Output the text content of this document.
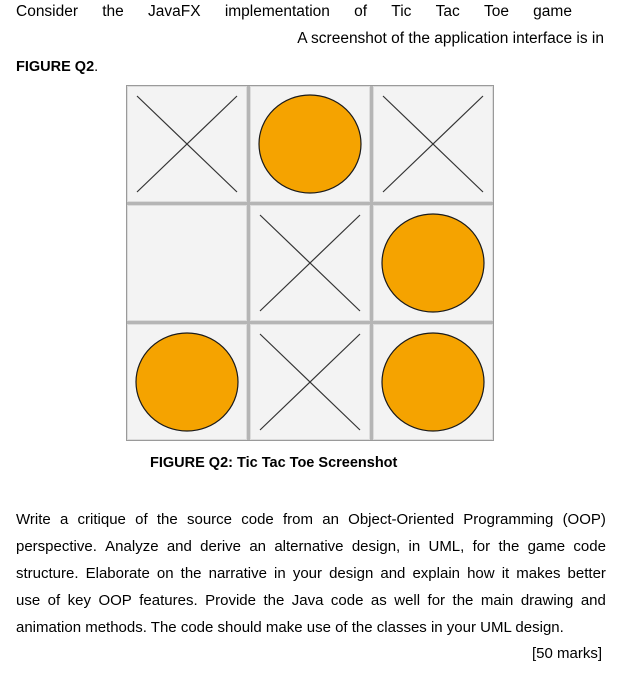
Consider the JavaFX implementation of Tic Tac Toe game
A screenshot of the application interface is in
FIGURE Q2.
FIGURE Q2: Tic Tac Toe Screenshot
Write a critique of the source code from an Object-Oriented Programming (OOP)
perspective. Analyze and derive an alternative design, in UML, for the game code
structure. Elaborate on the narrative in your design and explain how it makes better
use of key OOP features. Provide the Java code as well for the main drawing and
animation methods. The code should make use of the classes in your UML design.
[50 marks]
